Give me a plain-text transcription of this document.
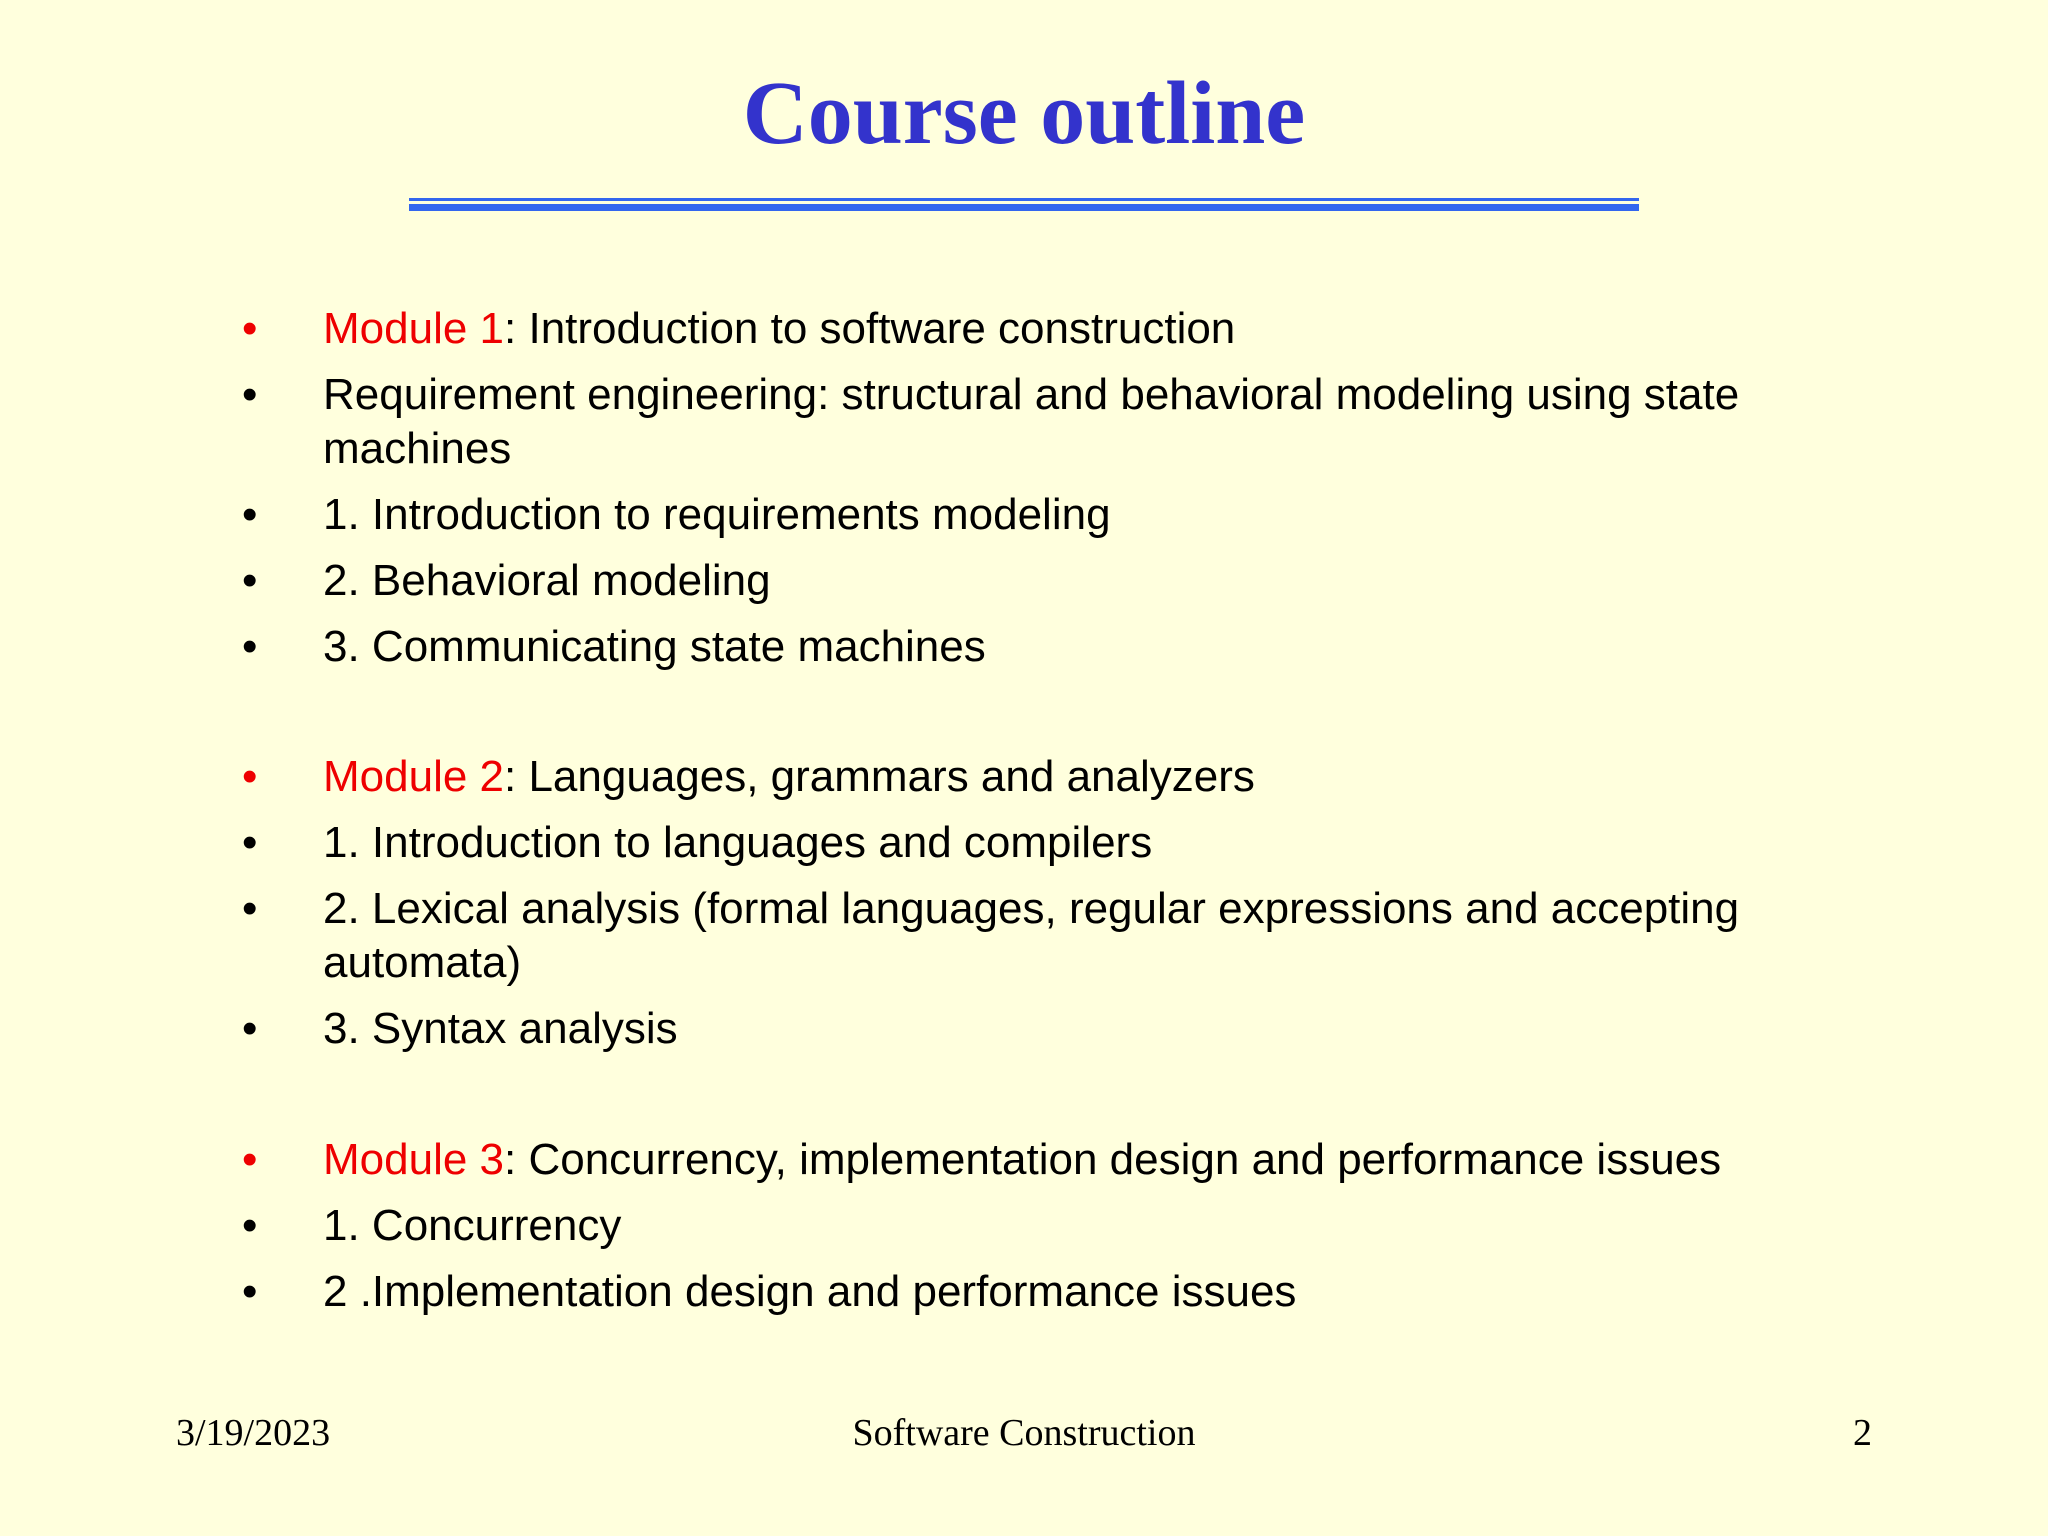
Course outline
•	Module 1: Introduction to software construction
•	Requirement engineering: structural and behavioral modeling using state machines
•	1. Introduction to requirements modeling
•	2. Behavioral modeling
•	3. Communicating state machines
•	Module 2: Languages, grammars and analyzers
•	1. Introduction to languages and compilers
•	2. Lexical analysis (formal languages, regular expressions and accepting automata)
•	3. Syntax analysis
•	Module 3: Concurrency, implementation design and performance issues
•	1. Concurrency
•	2 .Implementation design and performance issues
3/19/2023	Software Construction	2
